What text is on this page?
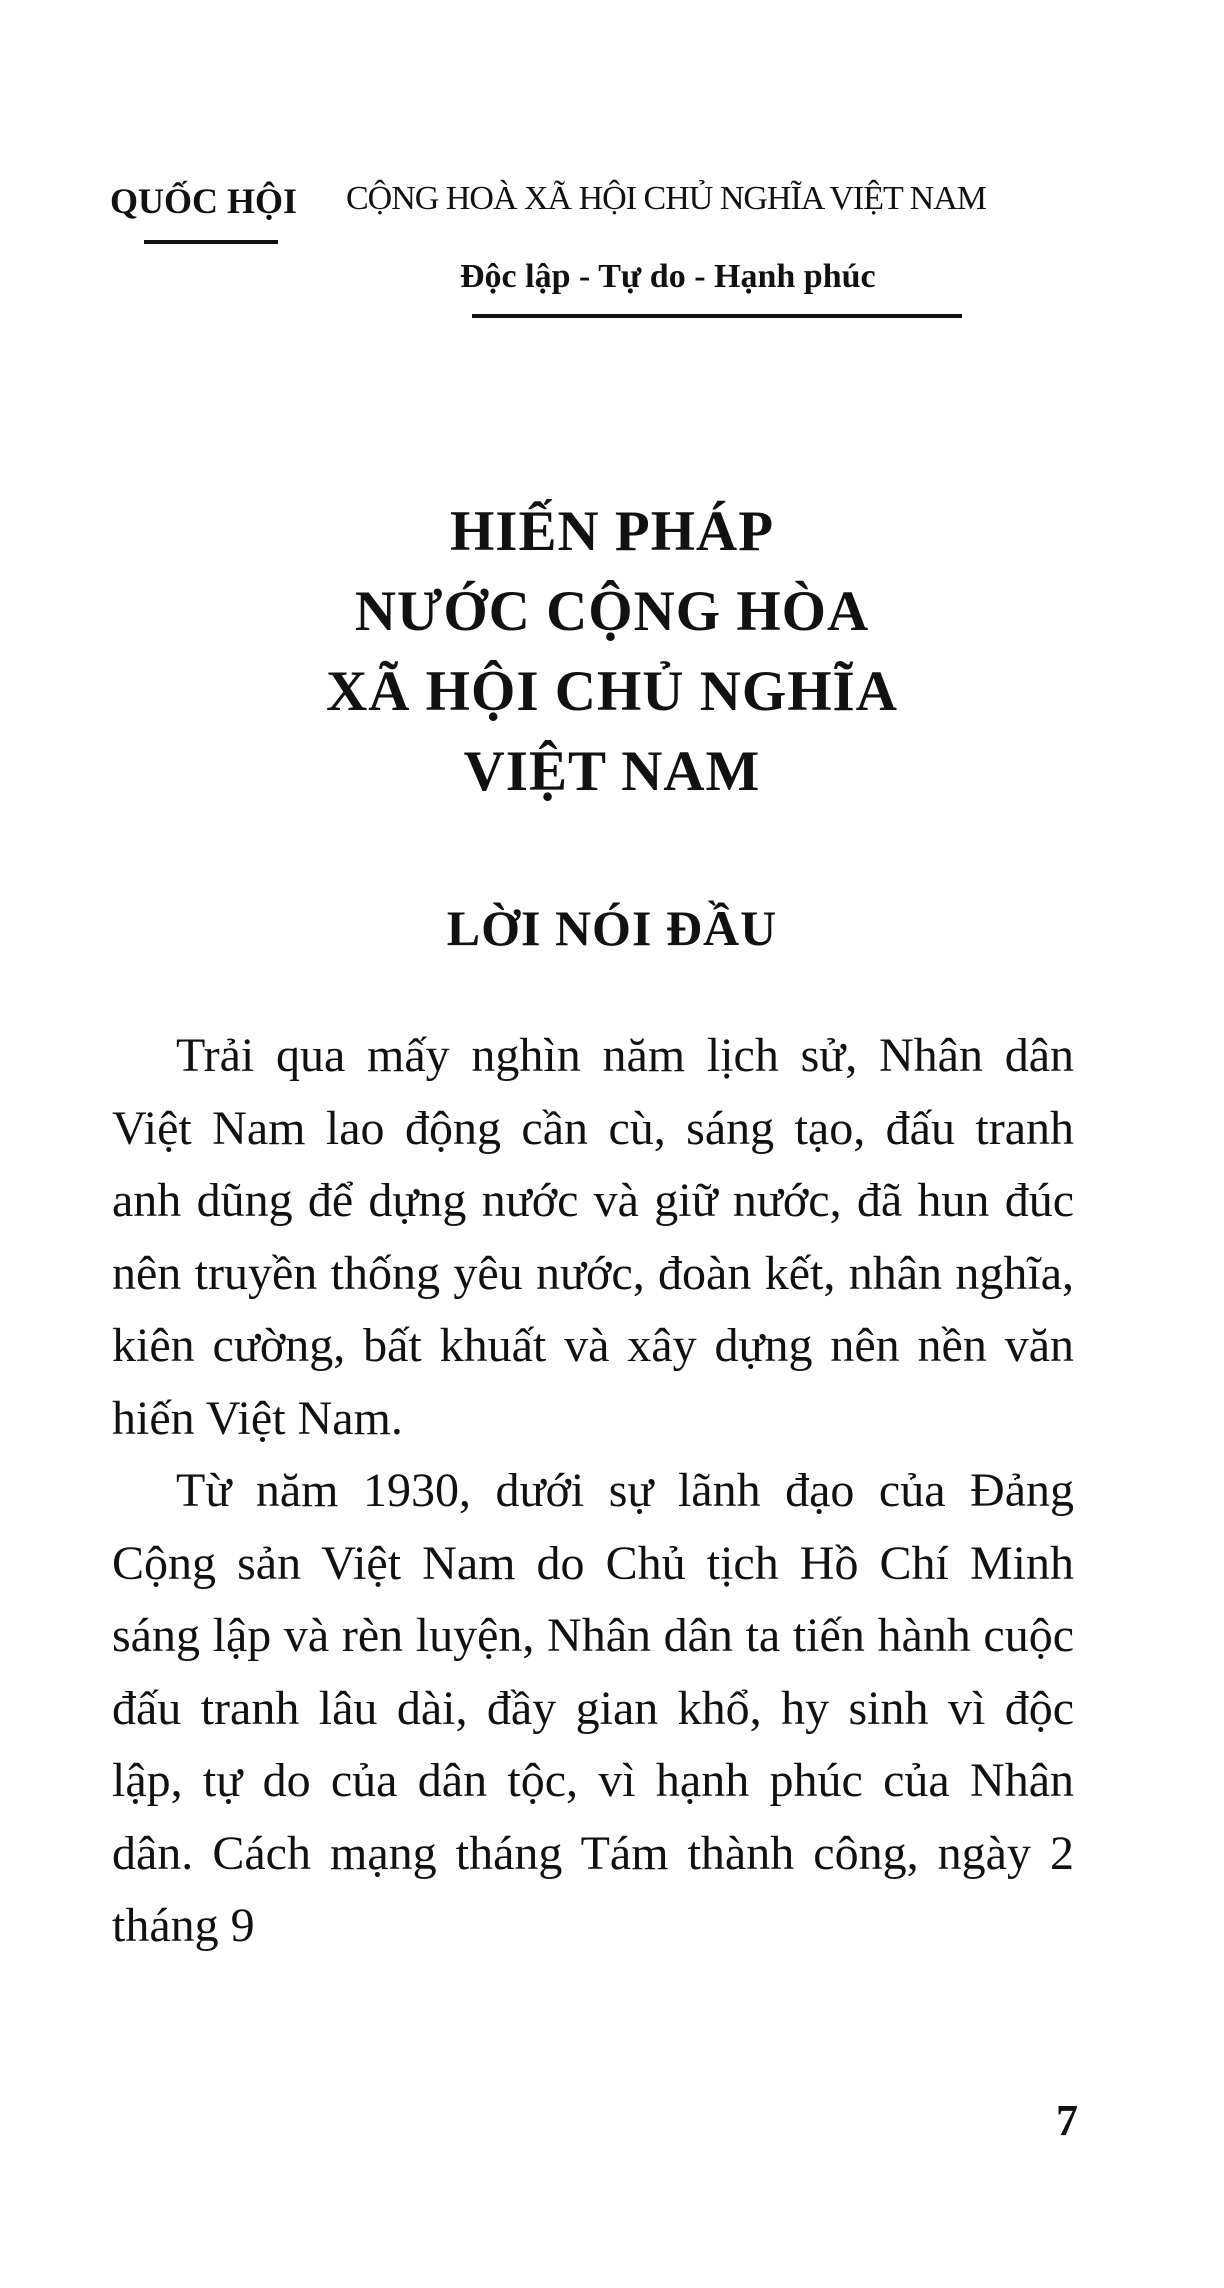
QUỐC HỘI CỘNG HOÀ XÃ HỘI CHỦ NGHĨA VIỆT NAM
Độc lập - Tự do - Hạnh phúc
HIẾN PHÁP
NƯỚC CỘNG HÒA
XÃ HỘI CHỦ NGHĨA
VIỆT NAM
LỜI NÓI ĐẦU

Trải qua mấy nghìn năm lịch sử, Nhân dân Việt Nam lao động cần cù, sáng tạo, đấu tranh anh dũng để dựng nước và giữ nước, đã hun đúc nên truyền thống yêu nước, đoàn kết, nhân nghĩa, kiên cường, bất khuất và xây dựng nên nền văn hiến Việt Nam.

Từ năm 1930, dưới sự lãnh đạo của Đảng Cộng sản Việt Nam do Chủ tịch Hồ Chí Minh sáng lập và rèn luyện, Nhân dân ta tiến hành cuộc đấu tranh lâu dài, đầy gian khổ, hy sinh vì độc lập, tự do của dân tộc, vì hạnh phúc của Nhân dân. Cách mạng tháng Tám thành công, ngày 2 tháng 9

7
